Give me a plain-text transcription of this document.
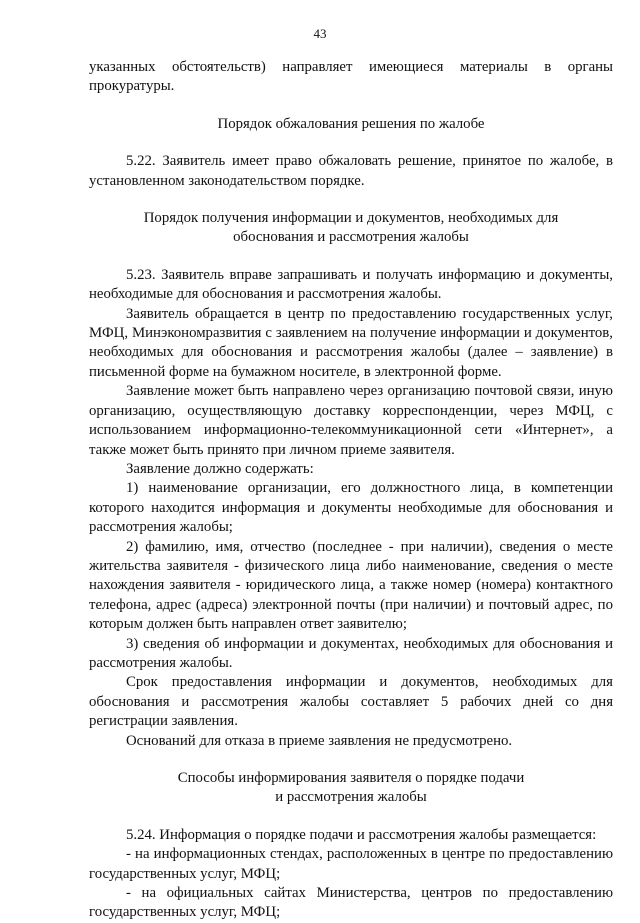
43

указанных обстоятельств) направляет имеющиеся материалы в органы прокуратуры.

Порядок обжалования решения по жалобе

5.22. Заявитель имеет право обжаловать решение, принятое по жалобе, в установленном законодательством порядке.

Порядок получения информации и документов, необходимых для
обоснования и рассмотрения жалобы

5.23. Заявитель вправе запрашивать и получать информацию и документы, необходимые для обоснования и рассмотрения жалобы.

Заявитель обращается в центр по предоставлению государственных услуг, МФЦ, Минэкономразвития с заявлением на получение информации и документов, необходимых для обоснования и рассмотрения жалобы (далее – заявление) в письменной форме на бумажном носителе, в электронной форме.

Заявление может быть направлено через организацию почтовой связи, иную организацию, осуществляющую доставку корреспонденции, через МФЦ, с использованием информационно-телекоммуникационной сети «Интернет», а также может быть принято при личном приеме заявителя.

Заявление должно содержать:

1) наименование организации, его должностного лица, в компетенции которого находится информация и документы необходимые для обоснования и рассмотрения жалобы;

2) фамилию, имя, отчество (последнее - при наличии), сведения о месте жительства заявителя - физического лица либо наименование, сведения о месте нахождения заявителя - юридического лица, а также номер (номера) контактного телефона, адрес (адреса) электронной почты (при наличии) и почтовый адрес, по которым должен быть направлен ответ заявителю;

3) сведения об информации и документах, необходимых для обоснования и рассмотрения жалобы.

Срок предоставления информации и документов, необходимых для обоснования и рассмотрения жалобы составляет 5 рабочих дней со дня регистрации заявления.

Оснований для отказа в приеме заявления не предусмотрено.

Способы информирования заявителя о порядке подачи
и рассмотрения жалобы

5.24. Информация о порядке подачи и рассмотрения жалобы размещается:

- на информационных стендах, расположенных в центре по предоставлению государственных услуг, МФЦ;

- на официальных сайтах Министерства, центров по предоставлению государственных услуг, МФЦ;
